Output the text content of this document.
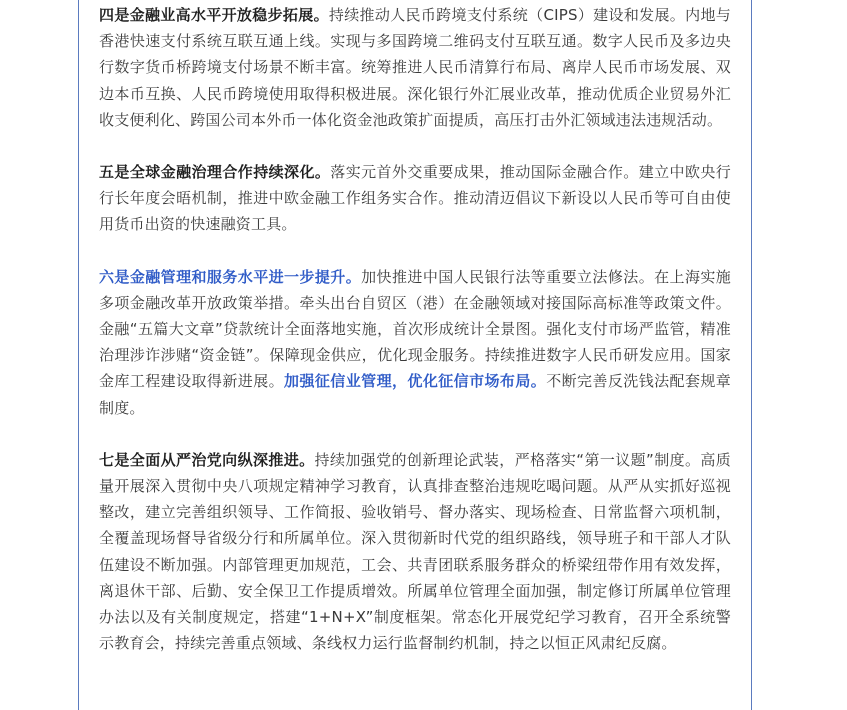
四是金融业高水平开放稳步拓展。持续推动人民币跨境支付系统（CIPS）建设和发展。内地与香港快速支付系统互联互通上线。实现与多国跨境二维码支付互联互通。数字人民币及多边央行数字货币桥跨境支付场景不断丰富。统筹推进人民币清算行布局、离岸人民币市场发展、双边本币互换、人民币跨境使用取得积极进展。深化银行外汇展业改革，推动优质企业贸易外汇收支便利化、跨国公司本外币一体化资金池政策扩面提质，高压打击外汇领域违法违规活动。

五是全球金融治理合作持续深化。落实元首外交重要成果，推动国际金融合作。建立中欧央行行长年度会晤机制，推进中欧金融工作组务实合作。推动清迈倡议下新设以人民币等可自由使用货币出资的快速融资工具。

六是金融管理和服务水平进一步提升。加快推进中国人民银行法等重要立法修法。在上海实施多项金融改革开放政策举措。牵头出台自贸区（港）在金融领域对接国际高标准等政策文件。金融“五篇大文章”贷款统计全面落地实施，首次形成统计全景图。强化支付市场严监管，精准治理涉诈涉赌“资金链”。保障现金供应，优化现金服务。持续推进数字人民币研发应用。国家金库工程建设取得新进展。加强征信业管理，优化征信市场布局。不断完善反洗钱法配套规章制度。

七是全面从严治党向纵深推进。持续加强党的创新理论武装，严格落实“第一议题”制度。高质量开展深入贯彻中央八项规定精神学习教育，认真排查整治违规吃喝问题。从严从实抓好巡视整改，建立完善组织领导、工作简报、验收销号、督办落实、现场检查、日常监督六项机制，全覆盖现场督导省级分行和所属单位。深入贯彻新时代党的组织路线，领导班子和干部人才队伍建设不断加强。内部管理更加规范，工会、共青团联系服务群众的桥梁纽带作用有效发挥，离退休干部、后勤、安全保卫工作提质增效。所属单位管理全面加强，制定修订所属单位管理办法以及有关制度规定，搭建“1+N+X”制度框架。常态化开展党纪学习教育，召开全系统警示教育会，持续完善重点领域、条线权力运行监督制约机制，持之以恒正风肃纪反腐。
